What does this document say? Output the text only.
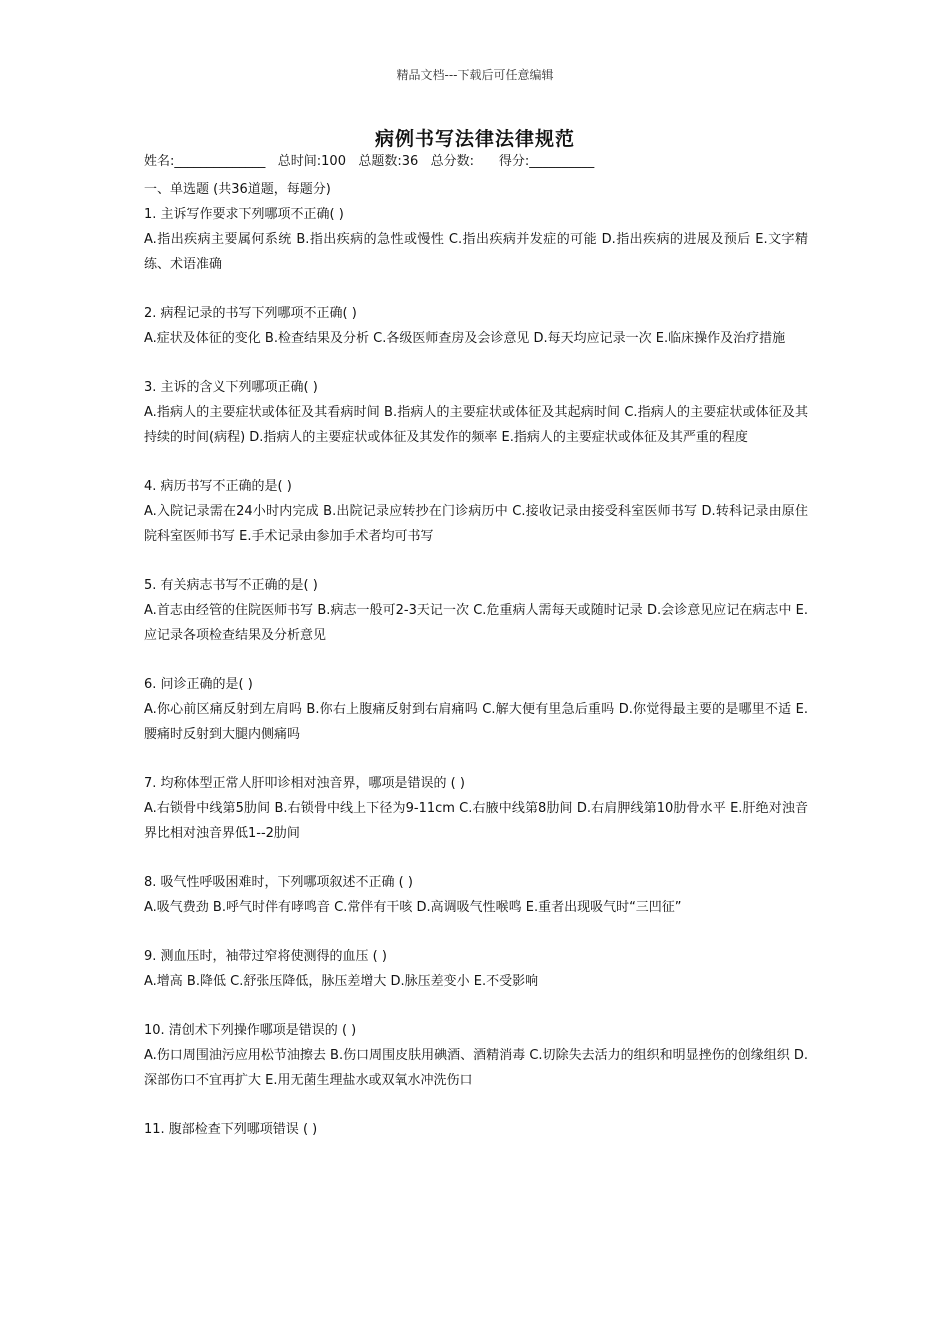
精品文档---下载后可任意编辑
病例书写法律法律规范
姓名:______________   总时间:100   总题数:36   总分数:      得分:__________
一、单选题 (共36道题，每题分)
1. 主诉写作要求下列哪项不正确( )
A.指出疾病主要属何系统 B.指出疾病的急性或慢性 C.指出疾病并发症的可能 D.指出疾病的进展及预后 E.文字精练、术语准确
2. 病程记录的书写下列哪项不正确( )
A.症状及体征的变化 B.检查结果及分析 C.各级医师查房及会诊意见 D.每天均应记录一次 E.临床操作及治疗措施
3. 主诉的含义下列哪项正确( )
A.指病人的主要症状或体征及其看病时间 B.指病人的主要症状或体征及其起病时间 C.指病人的主要症状或体征及其持续的时间(病程) D.指病人的主要症状或体征及其发作的频率 E.指病人的主要症状或体征及其严重的程度
4. 病历书写不正确的是( )
A.入院记录需在24小时内完成 B.出院记录应转抄在门诊病历中 C.接收记录由接受科室医师书写 D.转科记录由原住院科室医师书写 E.手术记录由参加手术者均可书写
5. 有关病志书写不正确的是( )
A.首志由经管的住院医师书写 B.病志一般可2-3天记一次 C.危重病人需每天或随时记录 D.会诊意见应记在病志中 E.应记录各项检查结果及分析意见
6. 问诊正确的是( )
A.你心前区痛反射到左肩吗 B.你右上腹痛反射到右肩痛吗 C.解大便有里急后重吗 D.你觉得最主要的是哪里不适 E.腰痛时反射到大腿内侧痛吗
7. 均称体型正常人肝叩诊相对浊音界，哪项是错误的 ( )
A.右锁骨中线第5肋间 B.右锁骨中线上下径为9-11cm C.右腋中线第8肋间 D.右肩胛线第10肋骨水平 E.肝绝对浊音界比相对浊音界低1--2肋间
8. 吸气性呼吸困难时，下列哪项叙述不正确 ( )
A.吸气费劲 B.呼气时伴有哮鸣音 C.常伴有干咳 D.高调吸气性喉鸣 E.重者出现吸气时“三凹征”
9. 测血压时，袖带过窄将使测得的血压 ( )
A.增高 B.降低 C.舒张压降低，脉压差增大 D.脉压差变小 E.不受影响
10. 清创术下列操作哪项是错误的 ( )
A.伤口周围油污应用松节油擦去 B.伤口周围皮肤用碘酒、酒精消毒 C.切除失去活力的组织和明显挫伤的创缘组织 D.深部伤口不宜再扩大 E.用无菌生理盐水或双氧水冲洗伤口
11. 腹部检查下列哪项错误 ( )
